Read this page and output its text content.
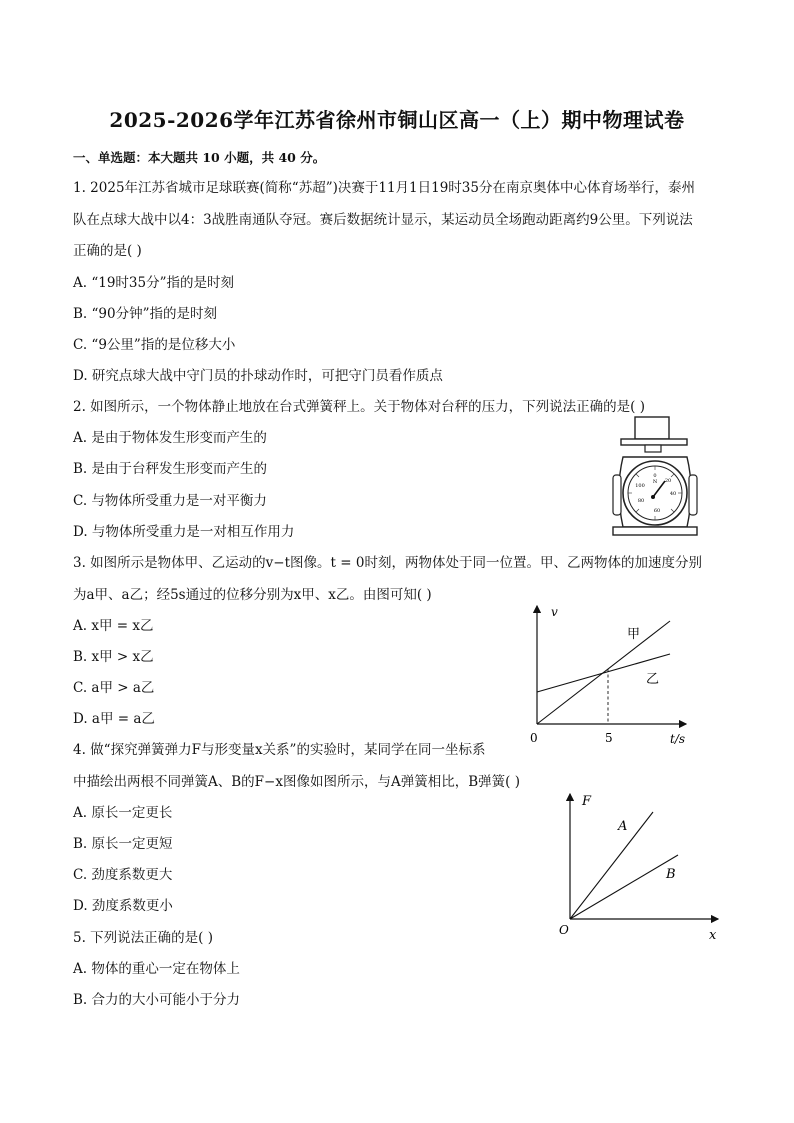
2025-2026学年江苏省徐州市铜山区高一（上）期中物理试卷
一、单选题：本大题共 10 小题，共 40 分。
1. 2025年江苏省城市足球联赛(简称“苏超”)决赛于11月1日19时35分在南京奥体中心体育场举行，泰州
队在点球大战中以4：3战胜南通队夺冠。赛后数据统计显示，某运动员全场跑动距离约9公里。下列说法
正确的是( )
A. “19时35分”指的是时刻
B. “90分钟”指的是时刻
C. “9公里”指的是位移大小
D. 研究点球大战中守门员的扑球动作时，可把守门员看作质点
2. 如图所示，一个物体静止地放在台式弹簧秤上。关于物体对台秤的压力，下列说法正确的是( )
A. 是由于物体发生形变而产生的
B. 是由于台秤发生形变而产生的
C. 与物体所受重力是一对平衡力
D. 与物体所受重力是一对相互作用力
0
20
40
60
80
100
N
3. 如图所示是物体甲、乙运动的v−t图像。t = 0时刻，两物体处于同一位置。甲、乙两物体的加速度分别
为a甲、a乙；经5s通过的位移分别为x甲、x乙。由图可知( )
A. x甲 = x乙
B. x甲 > x乙
C. a甲 > a乙
D. a甲 = a乙
v
t/s
0	5
甲
乙
4. 做“探究弹簧弹力F与形变量x关系”的实验时，某同学在同一坐标系
中描绘出两根不同弹簧A、B的F−x图像如图所示，与A弹簧相比，B弹簧( )
A. 原长一定更长
B. 原长一定更短
C. 劲度系数更大
D. 劲度系数更小
F
x
O
A
B
5. 下列说法正确的是( )
A. 物体的重心一定在物体上
B. 合力的大小可能小于分力
